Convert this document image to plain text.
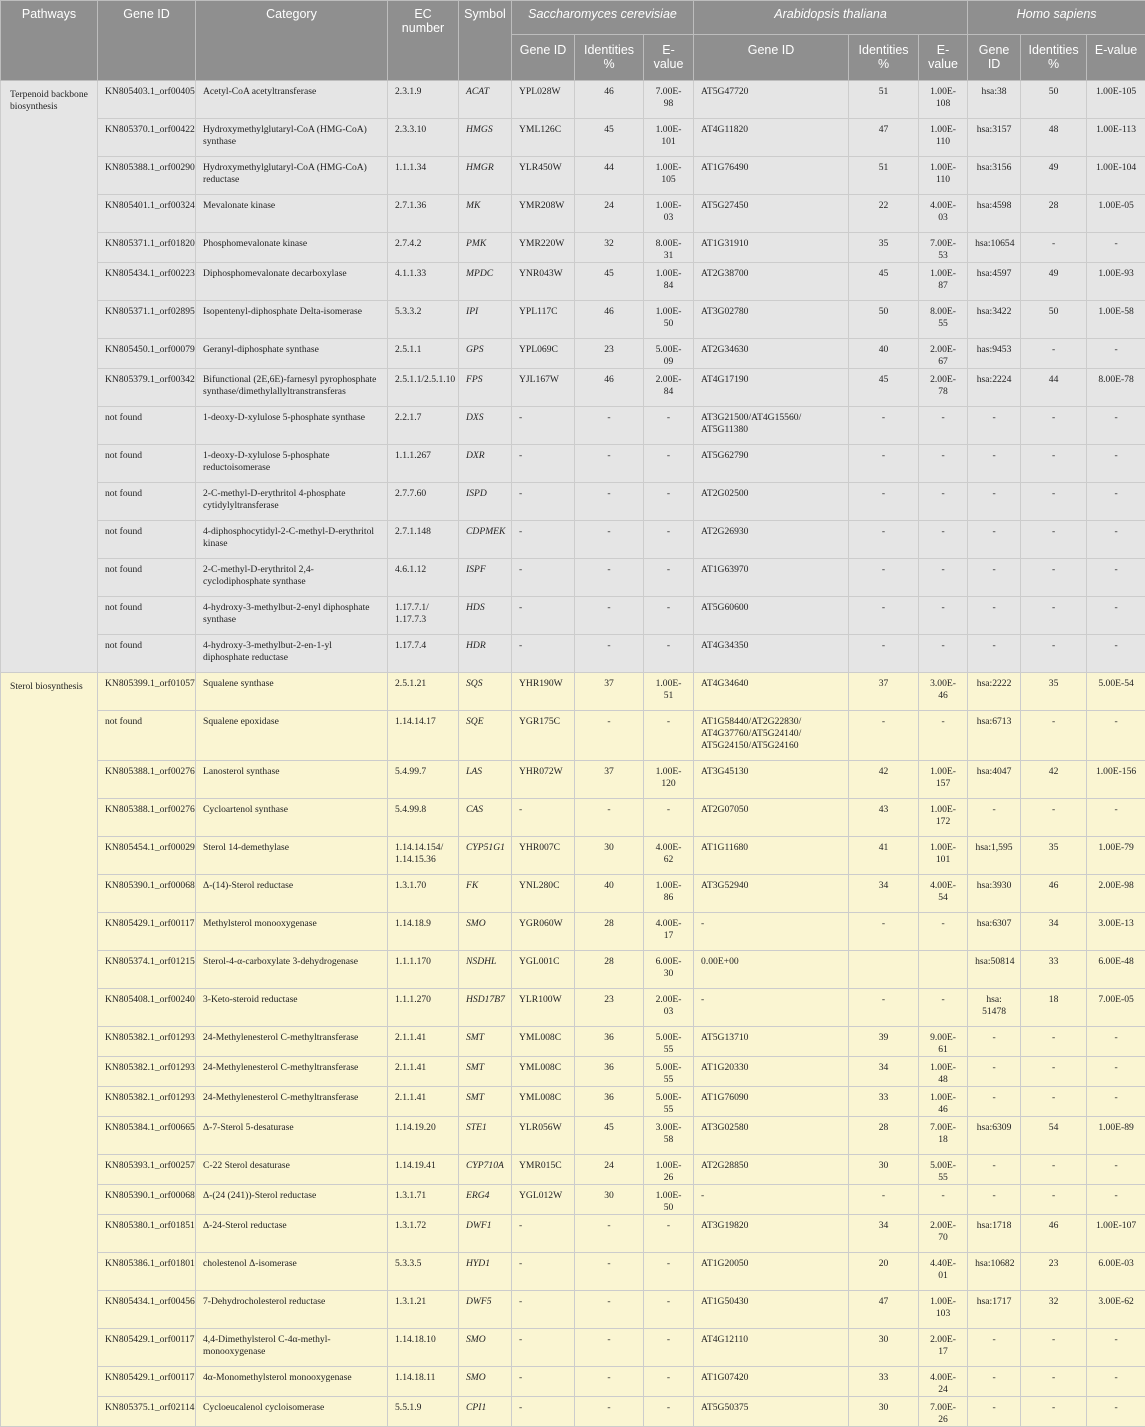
Pathways	Gene ID	Category	EC number	Symbol	Saccharomyces cerevisiae			Arabidopsis thaliana			Homo sapiens		
					Gene ID	Identities %	E-value	Gene ID	Identities %	E-value	Gene ID	Identities %	E-value
Terpenoid backbone biosynthesis	KN805403.1_orf00405	Acetyl-CoA acetyltransferase	2.3.1.9	ACAT	YPL028W	46	7.00E-98	AT5G47720	51	1.00E-108	hsa:38	50	1.00E-105
	KN805370.1_orf00422	Hydroxymethylglutaryl-CoA (HMG-CoA) synthase	2.3.3.10	HMGS	YML126C	45	1.00E-101	AT4G11820	47	1.00E-110	hsa:3157	48	1.00E-113
	KN805388.1_orf00290	Hydroxymethylglutaryl-CoA (HMG-CoA) reductase	1.1.1.34	HMGR	YLR450W	44	1.00E-105	AT1G76490	51	1.00E-110	hsa:3156	49	1.00E-104
	KN805401.1_orf00324	Mevalonate kinase	2.7.1.36	MK	YMR208W	24	1.00E-03	AT5G27450	22	4.00E-03	hsa:4598	28	1.00E-05
	KN805371.1_orf01820	Phosphomevalonate kinase	2.7.4.2	PMK	YMR220W	32	8.00E-31	AT1G31910	35	7.00E-53	hsa:10654	-	-
	KN805434.1_orf00223	Diphosphomevalonate decarboxylase	4.1.1.33	MPDC	YNR043W	45	1.00E-84	AT2G38700	45	1.00E-87	hsa:4597	49	1.00E-93
	KN805371.1_orf02895	Isopentenyl-diphosphate Delta-isomerase	5.3.3.2	IPI	YPL117C	46	1.00E-50	AT3G02780	50	8.00E-55	hsa:3422	50	1.00E-58
	KN805450.1_orf00079	Geranyl-diphosphate synthase	2.5.1.1	GPS	YPL069C	23	5.00E-09	AT2G34630	40	2.00E-67	has:9453	-	-
	KN805379.1_orf00342	Bifunctional (2E,6E)-farnesyl pyrophosphate synthase/dimethylallyltranstransferas	2.5.1.1/2.5.1.10	FPS	YJL167W	46	2.00E-84	AT4G17190	45	2.00E-78	hsa:2224	44	8.00E-78
	not found	1-deoxy-D-xylulose 5-phosphate synthase	2.2.1.7	DXS	-	-	-	AT3G21500/AT4G15560/ AT5G11380	-	-	-	-	-
	not found	1-deoxy-D-xylulose 5-phosphate reductoisomerase	1.1.1.267	DXR	-	-	-	AT5G62790	-	-	-	-	-
	not found	2-C-methyl-D-erythritol 4-phosphate cytidylyltransferase	2.7.7.60	ISPD	-	-	-	AT2G02500	-	-	-	-	-
	not found	4-diphosphocytidyl-2-C-methyl-D-erythritol kinase	2.7.1.148	CDPMEK	-	-	-	AT2G26930	-	-	-	-	-
	not found	2-C-methyl-D-erythritol 2,4-cyclodiphosphate synthase	4.6.1.12	ISPF	-	-	-	AT1G63970	-	-	-	-	-
	not found	4-hydroxy-3-methylbut-2-enyl diphosphate synthase	1.17.7.1/ 1.17.7.3	HDS	-	-	-	AT5G60600	-	-	-	-	-
	not found	4-hydroxy-3-methylbut-2-en-1-yl diphosphate reductase	1.17.7.4	HDR	-	-	-	AT4G34350	-	-	-	-	-
Sterol biosynthesis	KN805399.1_orf01057	Squalene synthase	2.5.1.21	SQS	YHR190W	37	1.00E-51	AT4G34640	37	3.00E-46	hsa:2222	35	5.00E-54
	not found	Squalene epoxidase	1.14.14.17	SQE	YGR175C	-	-	AT1G58440/AT2G22830/ AT4G37760/AT5G24140/ AT5G24150/AT5G24160	-	-	hsa:6713	-	-
	KN805388.1_orf00276	Lanosterol synthase	5.4.99.7	LAS	YHR072W	37	1.00E-120	AT3G45130	42	1.00E-157	hsa:4047	42	1.00E-156
	KN805388.1_orf00276	Cycloartenol synthase	5.4.99.8	CAS	-	-	-	AT2G07050	43	1.00E-172	-	-	-
	KN805454.1_orf00029	Sterol 14-demethylase	1.14.14.154/ 1.14.15.36	CYP51G1	YHR007C	30	4.00E-62	AT1G11680	41	1.00E-101	hsa:1,595	35	1.00E-79
	KN805390.1_orf00068	Δ-(14)-Sterol reductase	1.3.1.70	FK	YNL280C	40	1.00E-86	AT3G52940	34	4.00E-54	hsa:3930	46	2.00E-98
	KN805429.1_orf00117	Methylsterol monooxygenase	1.14.18.9	SMO	YGR060W	28	4.00E-17	-	-	-	hsa:6307	34	3.00E-13
	KN805374.1_orf01215	Sterol-4-α-carboxylate 3-dehydrogenase	1.1.1.170	NSDHL	YGL001C	28	6.00E-30	0.00E+00			hsa:50814	33	6.00E-48
	KN805408.1_orf00240	3-Keto-steroid reductase	1.1.1.270	HSD17B7	YLR100W	23	2.00E-03	-	-	-	hsa: 51478	18	7.00E-05
	KN805382.1_orf01293	24-Methylenesterol C-methyltransferase	2.1.1.41	SMT	YML008C	36	5.00E-55	AT5G13710	39	9.00E-61	-	-	-
	KN805382.1_orf01293	24-Methylenesterol C-methyltransferase	2.1.1.41	SMT	YML008C	36	5.00E-55	AT1G20330	34	1.00E-48	-	-	-
	KN805382.1_orf01293	24-Methylenesterol C-methyltransferase	2.1.1.41	SMT	YML008C	36	5.00E-55	AT1G76090	33	1.00E-46	-	-	-
	KN805384.1_orf00665	Δ-7-Sterol 5-desaturase	1.14.19.20	STE1	YLR056W	45	3.00E-58	AT3G02580	28	7.00E-18	hsa:6309	54	1.00E-89
	KN805393.1_orf00257	C-22 Sterol desaturase	1.14.19.41	CYP710A	YMR015C	24	1.00E-26	AT2G28850	30	5.00E-55	-	-	-
	KN805390.1_orf00068	Δ-(24 (241))-Sterol reductase	1.3.1.71	ERG4	YGL012W	30	1.00E-50	-	-	-	-	-	-
	KN805380.1_orf01851	Δ-24-Sterol reductase	1.3.1.72	DWF1	-	-	-	AT3G19820	34	2.00E-70	hsa:1718	46	1.00E-107
	KN805386.1_orf01801	cholestenol Δ-isomerase	5.3.3.5	HYD1	-	-	-	AT1G20050	20	4.40E-01	hsa:10682	23	6.00E-03
	KN805434.1_orf00456	7-Dehydrocholesterol reductase	1.3.1.21	DWF5	-	-	-	AT1G50430	47	1.00E-103	hsa:1717	32	3.00E-62
	KN805429.1_orf00117	4,4-Dimethylsterol C-4α-methyl-monooxygenase	1.14.18.10	SMO	-	-	-	AT4G12110	30	2.00E-17	-	-	-
	KN805429.1_orf00117	4α-Monomethylsterol monooxygenase	1.14.18.11	SMO	-	-	-	AT1G07420	33	4.00E-24	-	-	-
	KN805375.1_orf02114	Cycloeucalenol cycloisomerase	5.5.1.9	CPI1	-	-	-	AT5G50375	30	7.00E-26	-	-	-
